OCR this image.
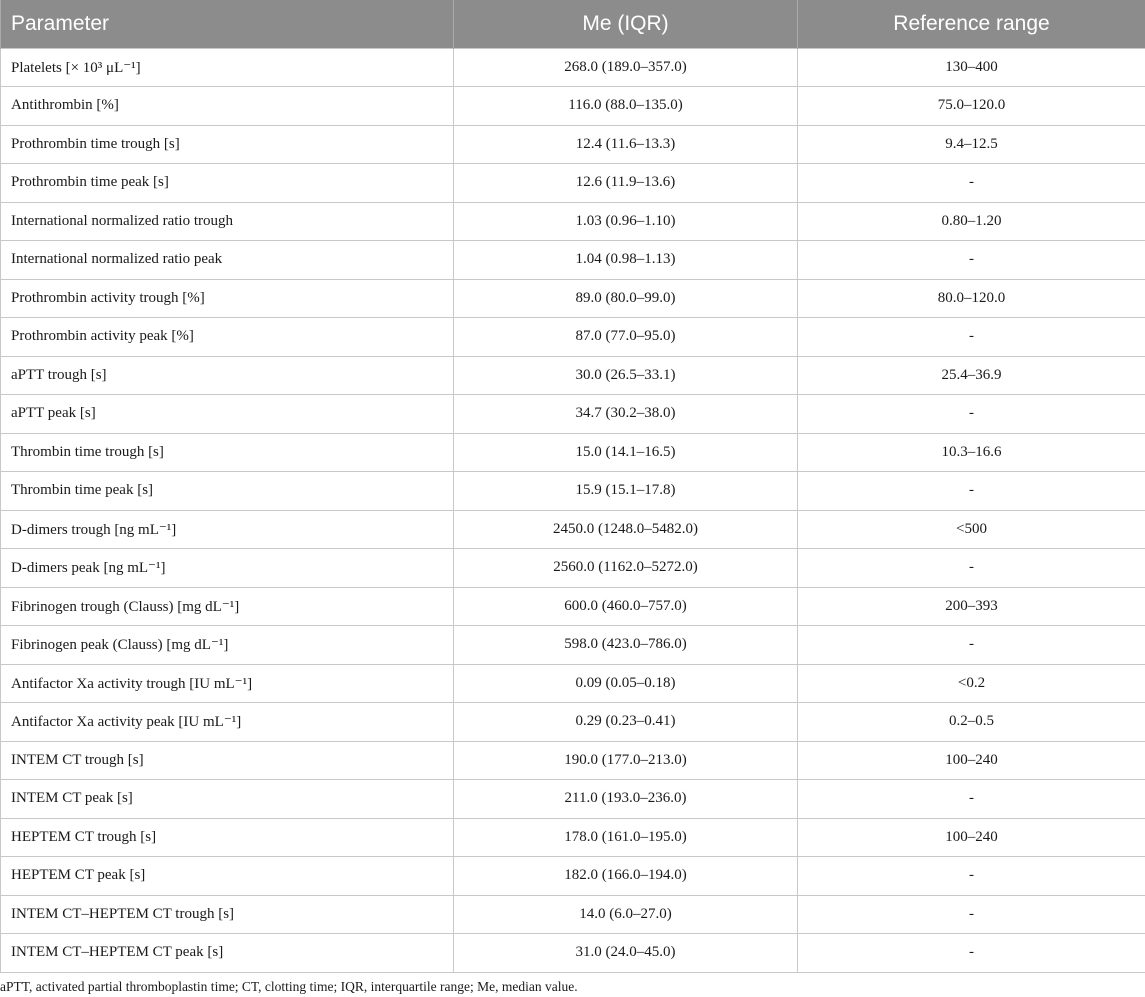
Parameter	Me (IQR)	Reference range
Platelets [× 10³ μL⁻¹]	268.0 (189.0–357.0)	130–400
Antithrombin [%]	116.0 (88.0–135.0)	75.0–120.0
Prothrombin time trough [s]	12.4 (11.6–13.3)	9.4–12.5
Prothrombin time peak [s]	12.6 (11.9–13.6)	-
International normalized ratio trough	1.03 (0.96–1.10)	0.80–1.20
International normalized ratio peak	1.04 (0.98–1.13)	-
Prothrombin activity trough [%]	89.0 (80.0–99.0)	80.0–120.0
Prothrombin activity peak [%]	87.0 (77.0–95.0)	-
aPTT trough [s]	30.0 (26.5–33.1)	25.4–36.9
aPTT peak [s]	34.7 (30.2–38.0)	-
Thrombin time trough [s]	15.0 (14.1–16.5)	10.3–16.6
Thrombin time peak [s]	15.9 (15.1–17.8)	-
D-dimers trough [ng mL⁻¹]	2450.0 (1248.0–5482.0)	<500
D-dimers peak [ng mL⁻¹]	2560.0 (1162.0–5272.0)	-
Fibrinogen trough (Clauss) [mg dL⁻¹]	600.0 (460.0–757.0)	200–393
Fibrinogen peak (Clauss) [mg dL⁻¹]	598.0 (423.0–786.0)	-
Antifactor Xa activity trough [IU mL⁻¹]	0.09 (0.05–0.18)	<0.2
Antifactor Xa activity peak [IU mL⁻¹]	0.29 (0.23–0.41)	0.2–0.5
INTEM CT trough [s]	190.0 (177.0–213.0)	100–240
INTEM CT peak [s]	211.0 (193.0–236.0)	-
HEPTEM CT trough [s]	178.0 (161.0–195.0)	100–240
HEPTEM CT peak [s]	182.0 (166.0–194.0)	-
INTEM CT–HEPTEM CT trough [s]	14.0 (6.0–27.0)	-
INTEM CT–HEPTEM CT peak [s]	31.0 (24.0–45.0)	-
aPTT, activated partial thromboplastin time; CT, clotting time; IQR, interquartile range; Me, median value.
